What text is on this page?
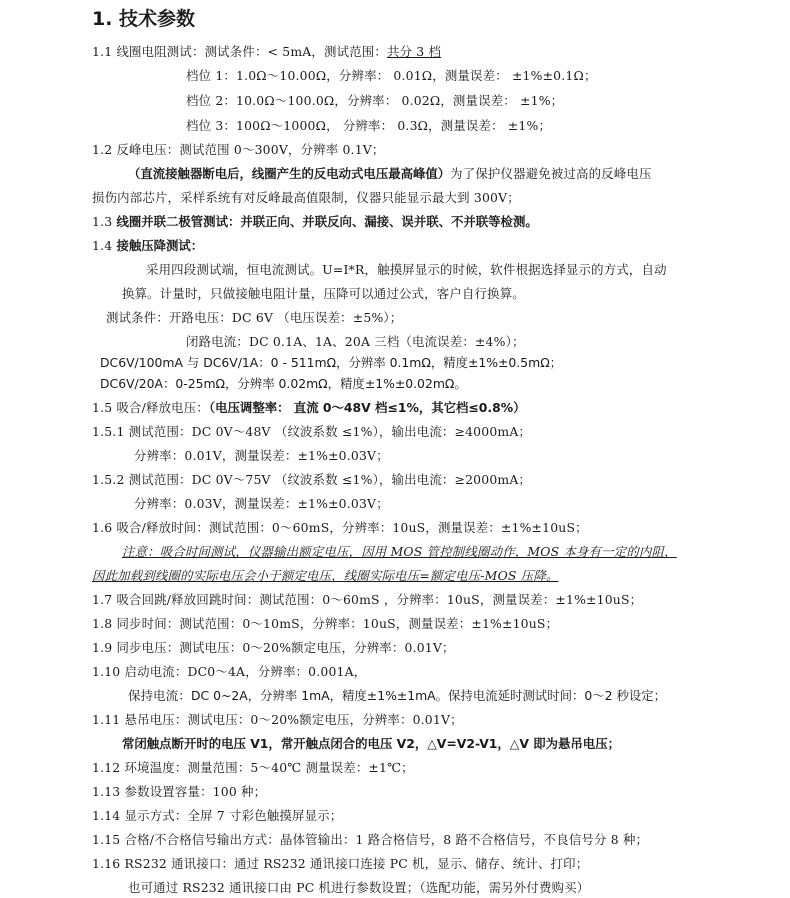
1. 技术参数
1.1 线圈电阻测试：测试条件：< 5mA，测试范围：共分 3 档
档位 1：1.0Ω～10.00Ω，分辨率： 0.01Ω，测量误差： ±1%±0.1Ω；
档位 2：10.0Ω～100.0Ω，分辨率： 0.02Ω，测量误差： ±1%；
档位 3：100Ω～1000Ω， 分辨率： 0.3Ω，测量误差： ±1%；
1.2 反峰电压：测试范围 0～300V，分辨率 0.1V；
（直流接触器断电后，线圈产生的反电动式电压最高峰值）为了保护仪器避免被过高的反峰电压
损伤内部芯片，采样系统有对反峰最高值限制，仪器只能显示最大到 300V；
1.3 线圈并联二极管测试：并联正向、并联反向、漏接、误并联、不并联等检测。
1.4 接触压降测试：
采用四段测试端，恒电流测试。U=I*R，触摸屏显示的时候，软件根据选择显示的方式，自动
换算。计量时，只做接触电阻计量，压降可以通过公式，客户自行换算。
测试条件：开路电压：DC 6V （电压误差：±5%）；
闭路电流：DC 0.1A、1A、20A 三档（电流误差：±4%）；
DC6V/100mA 与 DC6V/1A：0 - 511mΩ，分辨率 0.1mΩ，精度±1%±0.5mΩ；
DC6V/20A：0-25mΩ，分辨率 0.02mΩ，精度±1%±0.02mΩ。
1.5 吸合/释放电压：（电压调整率： 直流 0～48V 档≤1%，其它档≤0.8%）
1.5.1 测试范围：DC 0V～48V （纹波系数 ≤1%），输出电流：≥4000mA；
分辨率：0.01V，测量误差：±1%±0.03V；
1.5.2 测试范围：DC 0V～75V （纹波系数 ≤1%），输出电流：≥2000mA；
分辨率：0.03V，测量误差：±1%±0.03V；
1.6 吸合/释放时间：测试范围：0～60mS，分辨率：10uS，测量误差：±1%±10uS；
注意：吸合时间测试，仪器输出额定电压，因用 MOS 管控制线圈动作，MOS 本身有一定的内阻，
因此加载到线圈的实际电压会小于额定电压，线圈实际电压=额定电压-MOS 压降。
1.7 吸合回跳/释放回跳时间：测试范围：0～60mS ，分辨率：10uS，测量误差：±1%±10uS；
1.8 同步时间：测试范围：0～10mS，分辨率：10uS，测量误差：±1%±10uS；
1.9 同步电压：测试电压：0～20%额定电压，分辨率：0.01V；
1.10 启动电流：DC0～4A，分辨率：0.001A，
保持电流：DC 0~2A，分辨率 1mA，精度±1%±1mA。保持电流延时测试时间：0～2 秒设定；
1.11 悬吊电压：测试电压：0～20%额定电压，分辨率：0.01V；
常闭触点断开时的电压 V1，常开触点闭合的电压 V2，△V=V2-V1，△V 即为悬吊电压；
1.12 环境温度：测量范围：5～40℃ 测量误差：±1℃；
1.13 参数设置容量：100 种；
1.14 显示方式：全屏 7 寸彩色触摸屏显示；
1.15 合格/不合格信号输出方式：晶体管输出：1 路合格信号，8 路不合格信号，不良信号分 8 种；
1.16 RS232 通讯接口：通过 RS232 通讯接口连接 PC 机，显示、储存、统计、打印；
也可通过 RS232 通讯接口由 PC 机进行参数设置；（选配功能，需另外付费购买）
